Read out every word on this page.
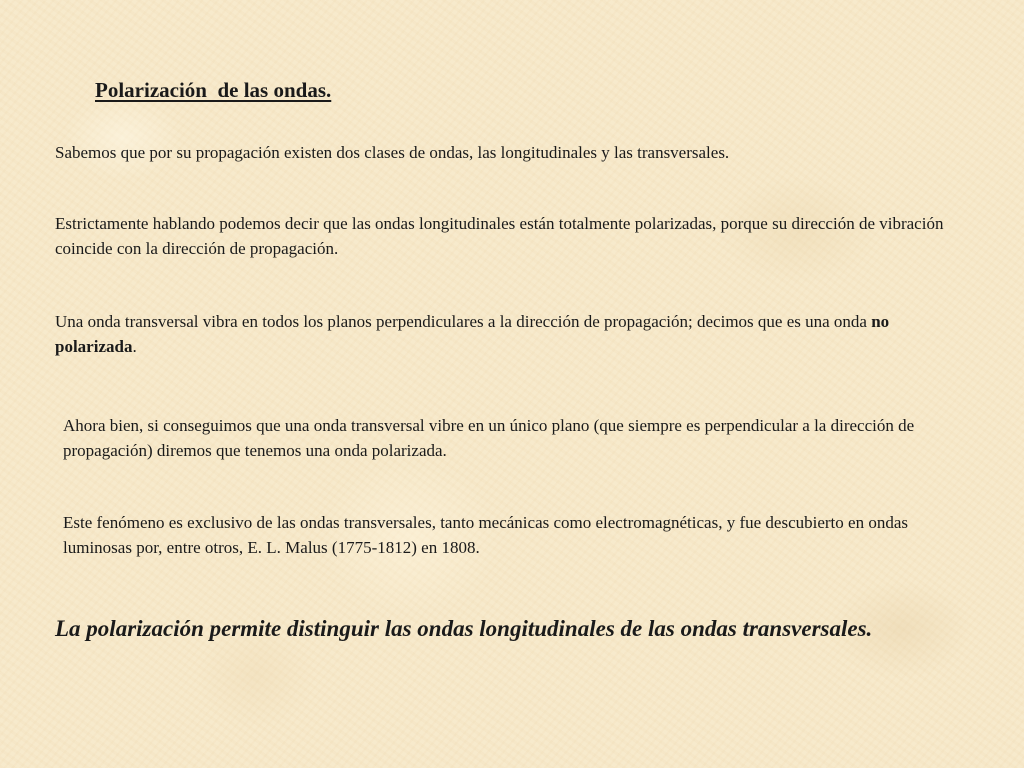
Polarización  de las ondas.

Sabemos que por su propagación existen dos clases de ondas, las longitudinales y las transversales.

Estrictamente hablando podemos decir que las ondas longitudinales están totalmente polarizadas, porque su dirección de vibración coincide con la dirección de propagación.

Una onda transversal vibra en todos los planos perpendiculares a la dirección de propagación; decimos que es una onda no polarizada.

Ahora bien, si conseguimos que una onda transversal vibre en un único plano (que siempre es perpendicular a la dirección de propagación) diremos que tenemos una onda polarizada.

Este fenómeno es exclusivo de las ondas transversales, tanto mecánicas como electromagnéticas, y fue descubierto en ondas luminosas por, entre otros, E. L. Malus (1775-1812) en 1808.

La polarización permite distinguir las ondas longitudinales de las ondas transversales.
